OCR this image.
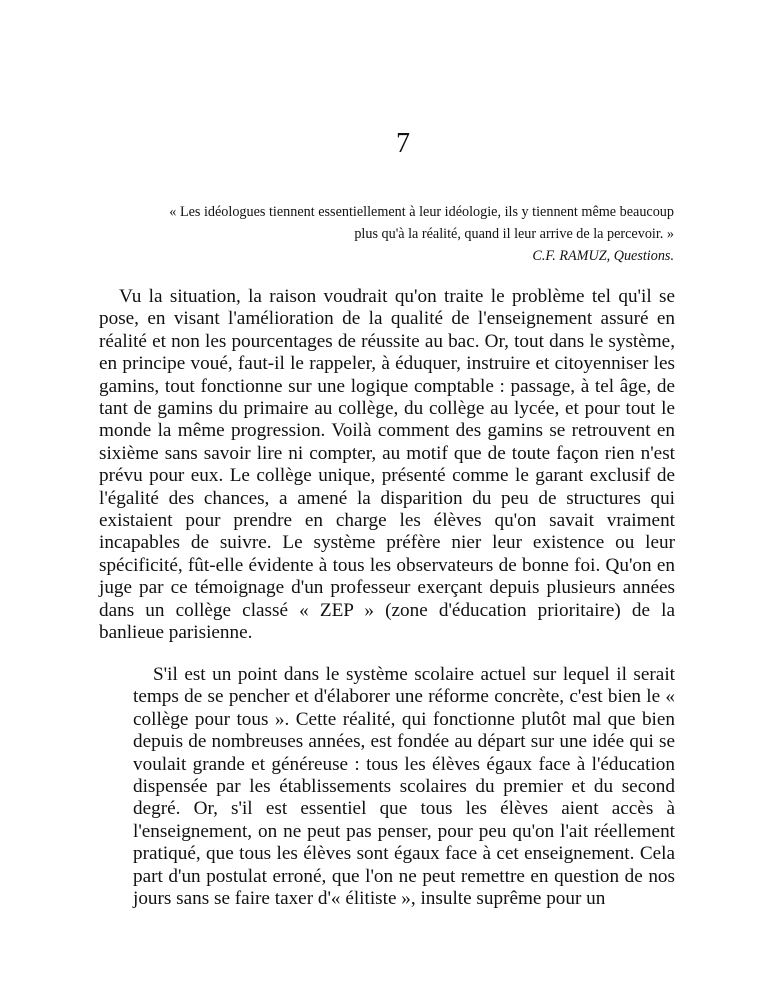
7
« Les idéologues tiennent essentiellement à leur idéologie, ils y tiennent même beaucoup
plus qu'à la réalité, quand il leur arrive de la percevoir. »
C.F. RAMUZ, Questions.

Vu la situation, la raison voudrait qu'on traite le problème tel qu'il se pose, en visant l'amélioration de la qualité de l'enseignement assuré en réalité et non les pourcentages de réussite au bac. Or, tout dans le système, en principe voué, faut-il le rappeler, à éduquer, instruire et citoyenniser les gamins, tout fonctionne sur une logique comptable : passage, à tel âge, de tant de gamins du primaire au collège, du collège au lycée, et pour tout le monde la même progression. Voilà comment des gamins se retrouvent en sixième sans savoir lire ni compter, au motif que de toute façon rien n'est prévu pour eux. Le collège unique, présenté comme le garant exclusif de l'égalité des chances, a amené la disparition du peu de structures qui existaient pour prendre en charge les élèves qu'on savait vraiment incapables de suivre. Le système préfère nier leur existence ou leur spécificité, fût-elle évidente à tous les observateurs de bonne foi. Qu'on en juge par ce témoignage d'un professeur exerçant depuis plusieurs années dans un collège classé « ZEP » (zone d'éducation prioritaire) de la banlieue parisienne.

S'il est un point dans le système scolaire actuel sur lequel il serait temps de se pencher et d'élaborer une réforme concrète, c'est bien le « collège pour tous ». Cette réalité, qui fonctionne plutôt mal que bien depuis de nombreuses années, est fondée au départ sur une idée qui se voulait grande et généreuse : tous les élèves égaux face à l'éducation dispensée par les établissements scolaires du premier et du second degré. Or, s'il est essentiel que tous les élèves aient accès à l'enseignement, on ne peut pas penser, pour peu qu'on l'ait réellement pratiqué, que tous les élèves sont égaux face à cet enseignement. Cela part d'un postulat erroné, que l'on ne peut remettre en question de nos jours sans se faire taxer d'« élitiste », insulte suprême pour un
